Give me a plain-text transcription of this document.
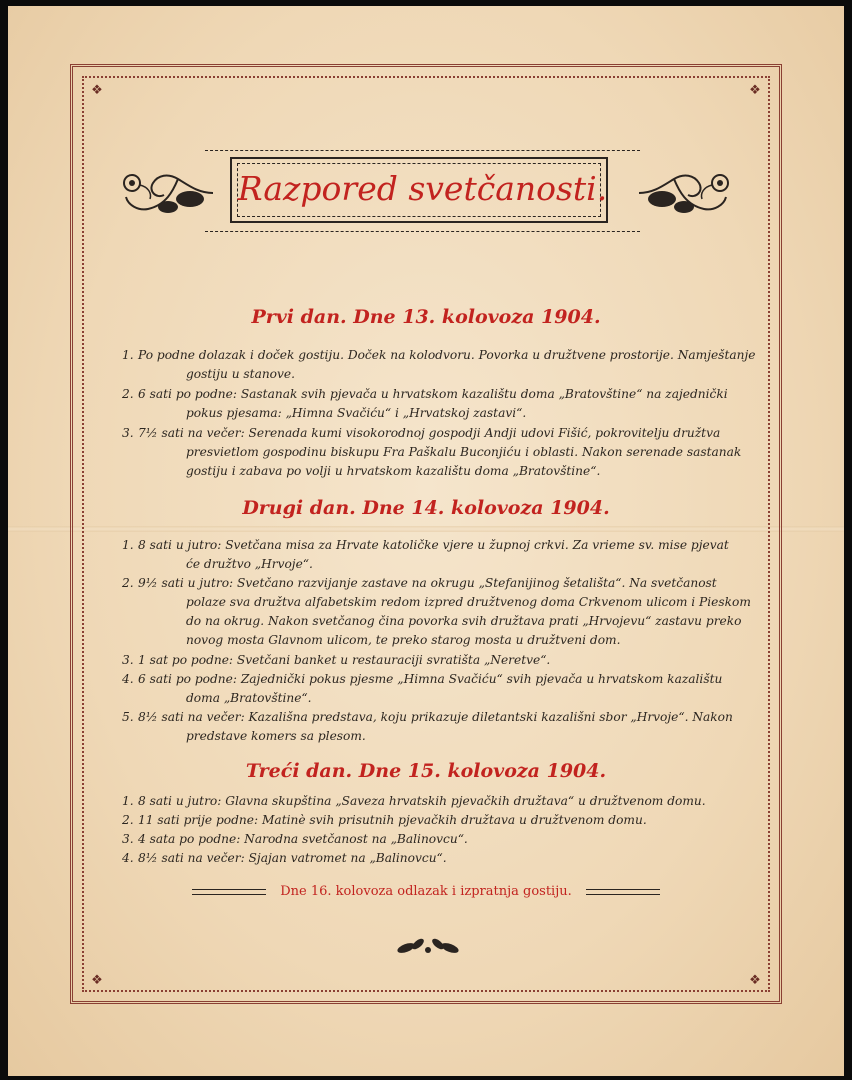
❖	❖
❖	❖
Razpored svetčanosti.
Prvi dan. Dne 13. kolovoza 1904.
1. Po podne dolazak i doček gostiju. Doček na kolodvoru. Povorka u družtvene prostorije. Namještanje
gostiju u stanove.
2. 6 sati po podne: Sastanak svih pjevača u hrvatskom kazalištu doma „Bratovštine“ na zajednički
pokus pjesama: „Himna Svačiću“ i „Hrvatskoj zastavi“.
3. 7½ sati na večer: Serenada kumi visokorodnoj gospodji Andji udovi Fišić, pokrovitelju družtva
presvietlom gospodinu biskupu Fra Paškalu Buconjiću i oblasti. Nakon serenade sastanak
gostiju i zabava po volji u hrvatskom kazalištu doma „Bratovštine“.
Drugi dan. Dne 14. kolovoza 1904.
1. 8 sati u jutro: Svetčana misa za Hrvate katoličke vjere u župnoj crkvi. Za vrieme sv. mise pjevat
će družtvo „Hrvoje“.
2. 9½ sati u jutro: Svetčano razvijanje zastave na okrugu „Stefanijinog šetališta“. Na svetčanost
polaze sva družtva alfabetskim redom izpred družtvenog doma Crkvenom ulicom i Pieskom
do na okrug. Nakon svetčanog čina povorka svih družtava prati „Hrvojevu“ zastavu preko
novog mosta Glavnom ulicom, te preko starog mosta u družtveni dom.
3. 1 sat po podne: Svetčani banket u restauraciji svratišta „Neretve“.
4. 6 sati po podne: Zajednički pokus pjesme „Himna Svačiću“ svih pjevača u hrvatskom kazalištu
doma „Bratovštine“.
5. 8½ sati na večer: Kazališna predstava, koju prikazuje diletantski kazališni sbor „Hrvoje“. Nakon
predstave komers sa plesom.
Treći dan. Dne 15. kolovoza 1904.
1. 8 sati u jutro: Glavna skupština „Saveza hrvatskih pjevačkih družtava“ u družtvenom domu.
2. 11 sati prije podne: Matinè svih prisutnih pjevačkih družtava u družtvenom domu.
3. 4 sata po podne: Narodna svetčanost na „Balinovcu“.
4. 8½ sati na večer: Sjajan vatromet na „Balinovcu“.
Dne 16. kolovoza odlazak i izpratnja gostiju.
